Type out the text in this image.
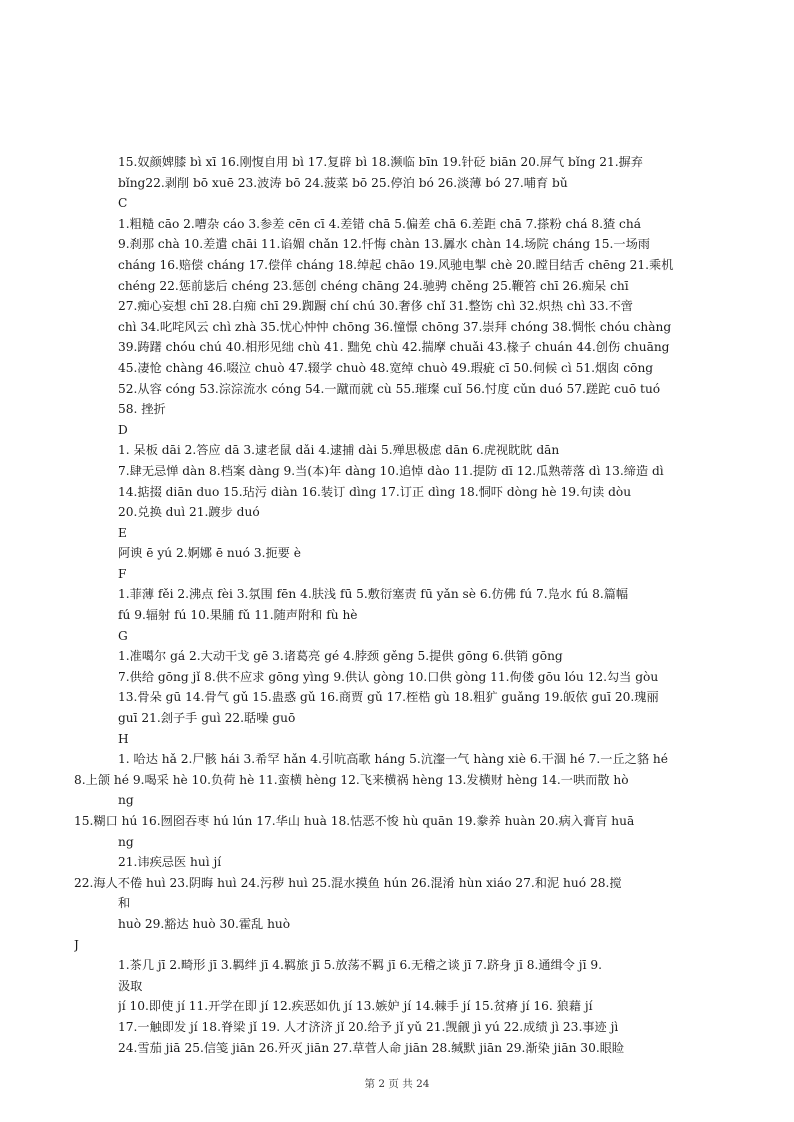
15.奴颜婢膝 bì xī 16.刚愎自用 bì 17.复辟 bì 18.濒临 bīn 19.针砭 biān 20.屏气 bǐng 21.摒弃
bǐng22.剥削 bō xuē 23.波涛 bō 24.菠菜 bō 25.停泊 bó 26.淡薄 bó 27.哺育 bǔ
C
1.粗糙 cāo 2.嘈杂 cáo 3.参差 cēn cī 4.差错 chā 5.偏差 chā 6.差距 chā 7.搽粉 chá 8.猹 chá
9.刹那 chà 10.差遣 chāi 11.谄媚 chǎn 12.忏悔 chàn 13.羼水 chàn 14.场院 cháng 15.一场雨
cháng 16.赔偿 cháng 17.偿佯 cháng 18.绰起 chāo 19.风驰电掣 chè 20.瞠目结舌 chēng 21.乘机
chéng 22.惩前毖后 chéng 23.惩创 chéng chāng 24.驰骋 chěng 25.鞭笞 chī 26.痴呆 chī
27.痴心妄想 chī 28.白痴 chī 29.踟蹰 chí chú 30.奢侈 chǐ 31.整饬 chì 32.炽热 chì 33.不啻
chì 34.叱咤风云 chì zhà 35.忧心忡忡 chōng 36.憧憬 chōng 37.崇拜 chóng 38.惆怅 chóu chàng
39.踌躇 chóu chú 40.相形见绌 chù 41. 黜免 chù 42.揣摩 chuǎi 43.椽子 chuán 44.创伤 chuāng
45.凄怆 chàng 46.啜泣 chuò 47.辍学 chuò 48.宽绰 chuò 49.瑕疵 cī 50.伺候 cì 51.烟囱 cōng
52.从容 cóng 53.淙淙流水 cóng 54.一蹴而就 cù 55.璀璨 cuǐ 56.忖度 cǔn duó 57.蹉跎 cuō tuó
58. 挫折
D
1. 呆板 dāi 2.答应 dā 3.逮老鼠 dǎi 4.逮捕 dài 5.殚思极虑 dān 6.虎视眈眈 dān
7.肆无忌惮 dàn 8.档案 dàng 9.当(本)年 dàng 10.追悼 dào 11.提防 dī 12.瓜熟蒂落 dì 13.缔造 dì
14.掂掇 diān duo 15.玷污 diàn 16.装订 dìng 17.订正 dìng 18.恫吓 dòng hè 19.句读 dòu
20.兑换 duì 21.踱步 duó
E
阿谀 ē yú 2.婀娜 ē nuó 3.扼要 è
F
1.菲薄 fěi 2.沸点 fèi 3.氛围 fēn 4.肤浅 fū 5.敷衍塞责 fū yǎn sè 6.仿佛 fú 7.凫水 fú 8.篇幅
fú 9.辐射 fú 10.果脯 fǔ 11.随声附和 fù hè
G
1.准噶尔 gá 2.大动干戈 gē 3.诸葛亮 gé 4.脖颈 gěng 5.提供 gōng 6.供销 gōng
7.供给 gōng jǐ 8.供不应求 gōng yìng 9.供认 gòng 10.口供 gòng 11.佝偻 gōu lóu 12.勾当 gòu
13.骨朵 gū 14.骨气 gǔ 15.蛊惑 gǔ 16.商贾 gǔ 17.桎梏 gù 18.粗犷 guǎng 19.皈依 guī 20.瑰丽
guī 21.刽子手 guì 22.聒噪 guō
H
1. 哈达 hǎ 2.尸骸 hái 3.希罕 hǎn 4.引吭高歌 háng 5.沆瀣一气 hàng xiè 6.干涸 hé 7.一丘之貉 hé
8.上颌 hé 9.喝采 hè 10.负荷 hè 11.蛮横 hèng 12.飞来横祸 hèng 13.发横财 hèng 14.一哄而散 hò
ng
15.糊口 hú 16.囫囵吞枣 hú lún 17.华山 huà 18.怙恶不悛 hù quān 19.豢养 huàn 20.病入膏肓 huā
ng
21.讳疾忌医 huì jí
22.海人不倦 huì 23.阴晦 huì 24.污秽 huì 25.混水摸鱼 hún 26.混淆 hùn xiáo 27.和泥 huó 28.搅
和
huò 29.豁达 huò 30.霍乱 huò
J
1.茶几 jī 2.畸形 jī 3.羁绊 jī 4.羁旅 jī 5.放荡不羁 jī 6.无稽之谈 jī 7.跻身 jī 8.通缉令 jī 9.
汲取
jí 10.即使 jí 11.开学在即 jí 12.疾恶如仇 jí 13.嫉妒 jí 14.棘手 jí 15.贫瘠 jí 16. 狼藉 jí
17.一触即发 jí 18.脊梁 jǐ 19. 人才济济 jǐ 20.给予 jǐ yǔ 21.觊觎 jì yú 22.成绩 jì 23.事迹 jì
24.雪茄 jiā 25.信笺 jiān 26.歼灭 jiān 27.草菅人命 jiān 28.缄默 jiān 29.渐染 jiān 30.眼睑
第 2 页 共 24
